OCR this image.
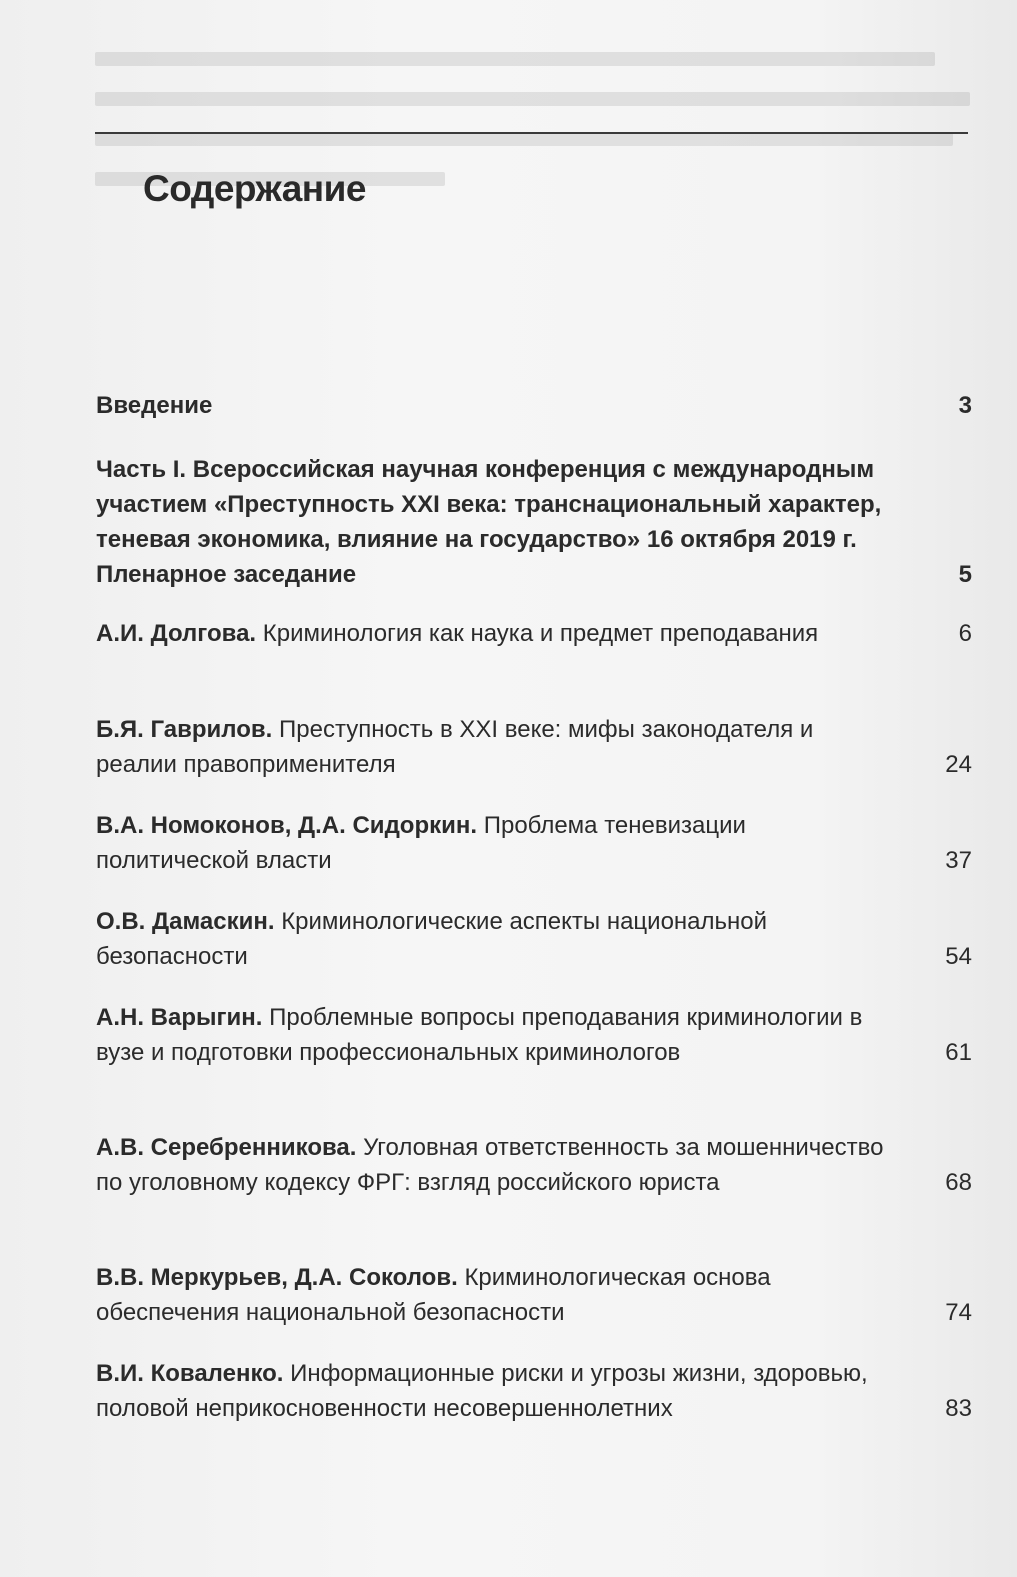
Содержание
Введение	3
Часть I. Всероссийская научная конференция с международным участием «Преступность XXI века: транснациональный характер, теневая экономика, влияние на государство» 16 октября 2019 г. Пленарное заседание	5
А.И. Долгова. Криминология как наука и предмет преподавания	6
Б.Я. Гаврилов. Преступность в XXI веке: мифы законодателя и реалии правоприменителя	24
В.А. Номоконов, Д.А. Сидоркин. Проблема теневизации политической власти	37
О.В. Дамаскин. Криминологические аспекты национальной безопасности	54
А.Н. Варыгин. Проблемные вопросы преподавания криминологии в вузе и подготовки профессиональных криминологов	61
А.В. Серебренникова. Уголовная ответственность за мошенничество по уголовному кодексу ФРГ: взгляд российского юриста	68
В.В. Меркурьев, Д.А. Соколов. Криминологическая основа обеспечения национальной безопасности	74
В.И. Коваленко. Информационные риски и угрозы жизни, здоровью, половой неприкосновенности несовершеннолетних	83
